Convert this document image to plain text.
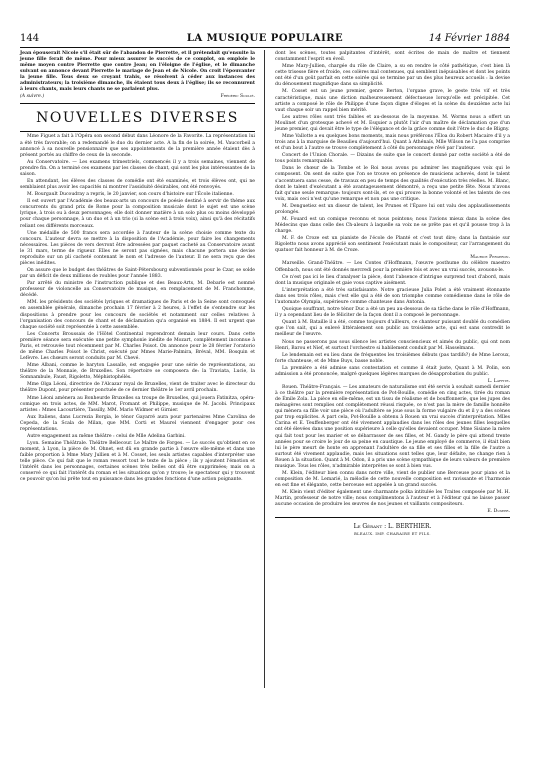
144	LA MUSIQUE POPULAIRE	14 Février 1884

Jean épouserait Nicole s'il était sûr de l'abandon de Pierrette, et il prétendait qu'ensuite la jeune fille ferait de même. Pour mieux assurer le succès de ce complot, on emploie le même moyen contre Pierrette que contre Jean; on l'éloigne de l'église, et le dimanche suivant on annonce devant Pierrette le mariage de Jean et de Nicole. On croit l'épouvanter la jeune fille. Tous deux se croyant trahis, se résolvent à céder aux instances des administrateurs; la troisième dimanche, ils étaient tous deux à l'église; ils se reconnurent à leurs chants, mais leurs chants ne se parlaient plus.

(A suivre.)	Frédéric Soulié.
NOUVELLES DIVERSES

Mme Figuet a fait à l'Opéra son second début dans Léonore de la Favorite. La représentation lui a été très favorable; on a redemandé le duo du dernier acte. A la fin de la soirée, M. Vaucorbeil a annoncé à sa nouvelle pensionnaire que ses appointements de la première année étaient dès à présent portés au chiffre de ceux de la seconde.

Au Conservatoire. — Les examens trimestriels, commencés il y a trois semaines, viennent de prendre fin. On a terminé ces examens par les classes de chant, qui sont les plus intéressantes de la saison.

En attendant, les élèves des classes de comédie ont été examinés, et trois élèves ont, qui ne semblaient plus avoir les capacités ni montrer l'assiduité désirables, ont été renvoyés.

M. Bourgault Ducoudray a repris, le 20 janvier, son cours d'histoire sur l'École italienne.

Il est ouvert par l'Académie des beaux-arts un concours de poésie destiné à servir de thème aux concurrents du grand prix de Rome pour la composition musicale dont le sujet est une scène lyrique, à trois ou à deux personnages; elle doit donner matière à un solo plus ou moins développé pour chaque personnage, à un duo et à un trio (si la scène est à trois voix), ainsi qu'à des récitatifs reliant ces différents morceaux.

Une médaille de 500 francs sera accordée à l'auteur de la scène choisie comme texte du concours. L'auteur devra se mettre à la disposition de l'Académie, pour faire les changements nécessaires. Les pièces de vers devront être adressées par paquet cacheté au Conservatoire avant le 31 mars, terme de rigueur. Elles ne seront pas signées, mais chacune portera une devise reproduite sur un pli cacheté contenant le nom et l'adresse de l'auteur. Il ne sera reçu que des pièces inédites.

On assure que le budget des théâtres de Saint-Pétersbourg subventionnés pour le Czar, se solde par un déficit de deux millions de roubles pour l'année 1883.

Par arrêté du ministre de l'instruction publique et des Beaux-Arts, M. Debarle est nommé professeur de violoncelle au Conservatoire de musique, en remplacement de M. Franchomme, décédé.

MM. les présidents des sociétés lyriques et dramatiques de Paris et de la Seine sont convoqués en assemblée générale, dimanche prochain 17 février à 2 heures, à l'effet de s'entendre sur les dispositions à prendre pour les concours de sociétés et notamment sur celles relatives à l'organisation des concours de chant et de déclamation qu'a organisé en 1884. Il est urgent que chaque société soit représentée à cette assemblée.

Les Concerts Broussais de l'Hôtel Continental reprendront demain leur cours. Dans cette première séance sera exécutée une petite symphonie inédite de Mozart, complètement inconnue à Paris, et retrouvée tout récemment par M. Charles Poisot. On annonce pour le 28 février l'oratorio de même Charles Poisot le Christ, exécuté par Mmes Marie-Palmira, Bréval, MM. Bosquin et Lefèvre. Les chœurs seront conduits par M. Chevé.

Mme Albani, comme le baryton Lassalle, est engagée pour une série de représentations, au théâtre de la Monnaie, de Bruxelles. Son répertoire se composera de: la Traviata, Lucie, la Somnambule, Faust, Rigoletto, Méphistophélès.

Mme Olga Léoni, directrice de l'Alcazar royal de Bruxelles, vient de traiter avec le directeur du théâtre Dupont, pour présenter ponctuée de ce dernier théâtre le 1er avril prochain.

Mme Léoni amènera au Bonheurde Bruxelles sa troupe de Bruxelles, qui jouera Fatinitza, opéra-comique en trois actes, de MM. Marot, Fromant et Philippe, musique de M. Jacobi. Principaux artistes : Mmes Lacourtière, Tassilly, MM. Mario Widmer et Girnier.

Aux Italiens, dans Lucrezia Borgia, le ténor Gayarré aura pour partenaires Mme Carolina de Cepeda, de la Scala de Milan, que MM. Corti et Maurel viennent d'engager pour ces représentations.

Autre engagement au même théâtre : celui de Mlle Adelina Garbini.

Lyon. Semaine Théâtrale. Théâtre Bellecour. Le Maître de Forges. — Le succès qu'obtient en ce moment, à Lyon, la pièce de M. Ohnet, est dû en grande partie à l'œuvre elle-même et dans une faible proportion à Mme Mary Jullien et à M. Cosset, les seuls artistes capables d'interpréter une telle pièce. Ce qui fait que le roman ressort tout le texte de la pièce ; ils y ajoutent l'émotion et l'intérêt dans les personnages, certaines scènes très belles ont dû être supprimées; mais on a conservé ce qui fait l'intérêt du roman et les situations qu'on y trouve; le spectateur qui y trouvent ce pouvoir qu'on lui prête tout en puissance dans les grandes fonctions d'une action poignante.

dont les scènes, toutes palpitantes d'intérêt, sont écrites de main de maître et tiennent constamment l'esprit en éveil.

Mme Mary-Jullien, chargée du rôle de Claire, a su en rendre le côté pathétique, c'est bien là cette trisesse fière et froide, ces colères mal contenues, qui semblent inépuisables et dont les points ont été d'un goût parfait en cette soirée qui se termine par un des plus heureux accueils : la devise du dénouement magnifique dans sa simplicité.

M. Cosset est un jeune premier, genre Berton, l'organe grave, le geste très vif et très caractéristique, mais une diction malheureusement défectueuse lorsqu'elle est précipitée. Cet artiste a composé le rôle de Philippe d'une façon digne d'éloges et la scène du deuxième acte lui vaut chaque soir un rappel bien mérité.

Les autres rôles sont très faibles et au-dessous de la moyenne. M. Worms nous a offert un Moulinet d'un grotesque achevé et M. Esquier a plutôt l'air d'un maître de déclamation que d'un jeune premier, qui devait être le type de l'élégance et de la grâce comme doit l'être le duc de Bligny.

Mme Vallotte a eu quelques bons moments, mais nous préférons l'Éloa du Robert Macaire d'il y a trois ans à la marquise de Beaulieu d'aujourd'hui. Quant à Athénaïs, Mlle Wilson ne l'a pas comprise et d'un bout à l'autre se trouve complètement à côté du personnage rêvé par l'auteur.

Concert de l'Union Chorale. — Dizains de suite que le concert donné par cette société a été de tous points remarquable.

Dans le chœur de la Tombe et le Roi nous avons pu admirer les magnifiques voix qui le composent. On sent de suite que l'on se trouve en présence de musiciens achevés, dont le talent s'accentuera sans cesse, de travaux en peu de temps des qualités d'exécution très réelles. M. Blanc, dont le talent d'exécutant a été avantageusement démontré, a reçu une petite fête. Nous n'avons fait qu'une seule remarque: toujours sont-ils, et ce qui prouve la bonne volonté et les talents de ces voix, mais ceci n'est qu'une remarque et non pas une critique.

M. Denguetiez est un diseur de talent, les Prunes et l'Épave lui ont valu des applaudissements prolongés.

M. Fouard est un comique reconnu et nous pointons; nous l'avions mieux dans la scène des Médecins que dans celle des Ch-aleurs à laquelle sa voix ne se prête pas et qu'il pousse trop à la charge.

M. F. de Croze est un pianiste de l'école de Planté et c'est tout dire; dans la fantaisie sur Rigoletto nous avons apprécié son sentiment l'exécutant mais le compositeur, car l'arrangement du quatuor fait honneur à M. de Croze.

Maurice Pergeron.

Marseille. Grand-Théâtre. — Les Contes d'Hoffmann, l'œuvre posthume du célèbre maestro Offenbach, nous ont été donnés mercredi pour la première fois et avec un vrai succès, avouons-le.

Ce n'est pas ici le lieu d'analyser la pièce, dont l'absence d'intrigue surprend tout d'abord, mais dont la musique originale et gaie vous captive aisément.

L'interprétation a été très satisfaisante. Notre gracieuse Julia Polet a été vraiment étonnante dans ses trois rôles, mais c'est elle qui a été de son triomphe comme comédienne dans le rôle de l'automate Olympia, supérieure comme chanteuse dans Antonia.

Quoique souffrant, notre ténor Duc a été un peu au-dessous de sa tâche dans le rôle d'Hoffmann, il y a cependant lieu de le féliciter de la façon dont il a composé le personnage.

Quant à M. Bataille il a été, comme toujours d'ailleurs, ce chanteur puissant doublé du comédien que l'on sait, qui a enlevé littéralement son public au troisième acte, qui est sans contredit le meilleur de l'œuvre.

Nous ne passerons pas sous silence les artistes consciencieux et aimés du public, qui ont nom Henri, Barou et Nief, et surtout l'orchestre si habilement conduit par M. Hasselmans.

Le lendemain est eu lieu dans de fréquentes les troisièmes débuts (pas tardifs?) de Mme Leroux, forte chanteuse, et de Mme Buys, basse noble.

La première a été admise sans contestation et comme il était juste, Quant à M. Polin, son admission a été prononcée, malgré quelques légères marques de désapprobation du public.

L. Laffite.

Rouen. Théâtre-Français. — Les amateurs de naturalisme ont été servis à souhait samedi dernier à ce théâtre par la première représentation de Pot-Bouille, comédie en cinq actes, tirée du roman de Émile Zola. La pièce en elle-même, est un tissu de réalisme et de bouffonnerie, que les jupes des ménagères sont remplies ont complètement réussi risquée, ce n'est pas la mère de famille honnête qui mènera sa fille voir une pièce où l'adultère se joue sous la forme vulgaire du et il y a des scènes par trop explicites. A part cela, Pot-Bouille a obtenu à Rouen un vrai succès d'interprétation. Mlles Carina et E. Teuffenberger ont été vivement applaudies dans les rôles des jeunes filles lesquelles ont été élevées dans une position supérieure à celle qu'elles devaient occuper. Mme Sisiane la mère qui fait tout pour les marier et se débarrasser de ses filles, et M. Gandy le père qui attend trente années pour se croire le jour de sa peine en caustique. Le jeune employé de commerce, il était bien lui le père meurt de honte en apprenant l'adultère de sa fille et ses filles et la fille de l'autre a surtout été vivement applaudie, mais les situations sont telles que, leur défaite, ne change rien à Rouen à la situation. Quant à M. Odon, il a pris une scène sympathique de leurs valeurs de première musique. Tous les rôles, n'admirable interprètes se sont à bien vus.

M. Klein, l'éditeur bien connu dans notre ville, vient de publier une Berceuse pour piano et la composition de M. Lemarié, la mélodie de cette nouvelle composition est ravissante et l'harmonie en est fine et élégante, cette berceuse est appelée à un grand succès.

M. Klein vient d'éditer également une charmante polka intitulée les Traites composée par M. H. Martin, professeur de notre ville; nous complimentons à l'auteur et à l'éditeur qui ne laisse passer aucune occasion de produire les œuvres de nos jeunes et vaillants compositeurs.

E. Duseer.
Le Gérant : L. BERTHIER.
BLEAUX. IMP. CHARAIRE ET FILS.
